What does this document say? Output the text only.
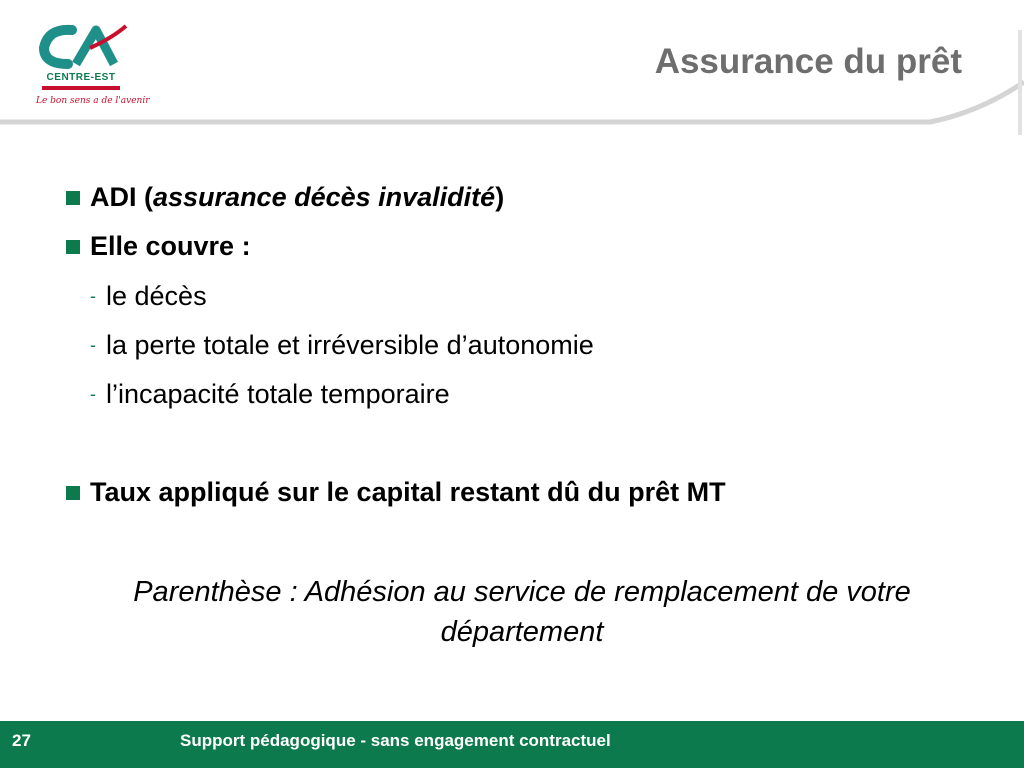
CENTRE-EST
Le bon sens a de l'avenir
Assurance du prêt
ADI ( assurance décès invalidité )
Elle couvre :
- le décès
- la perte totale et irréversible d’autonomie
- l’incapacité totale temporaire
Taux appliqué sur le capital restant dû du prêt MT
Parenthèse : Adhésion au service de remplacement de votre département
27	Support pédagogique - sans engagement contractuel
